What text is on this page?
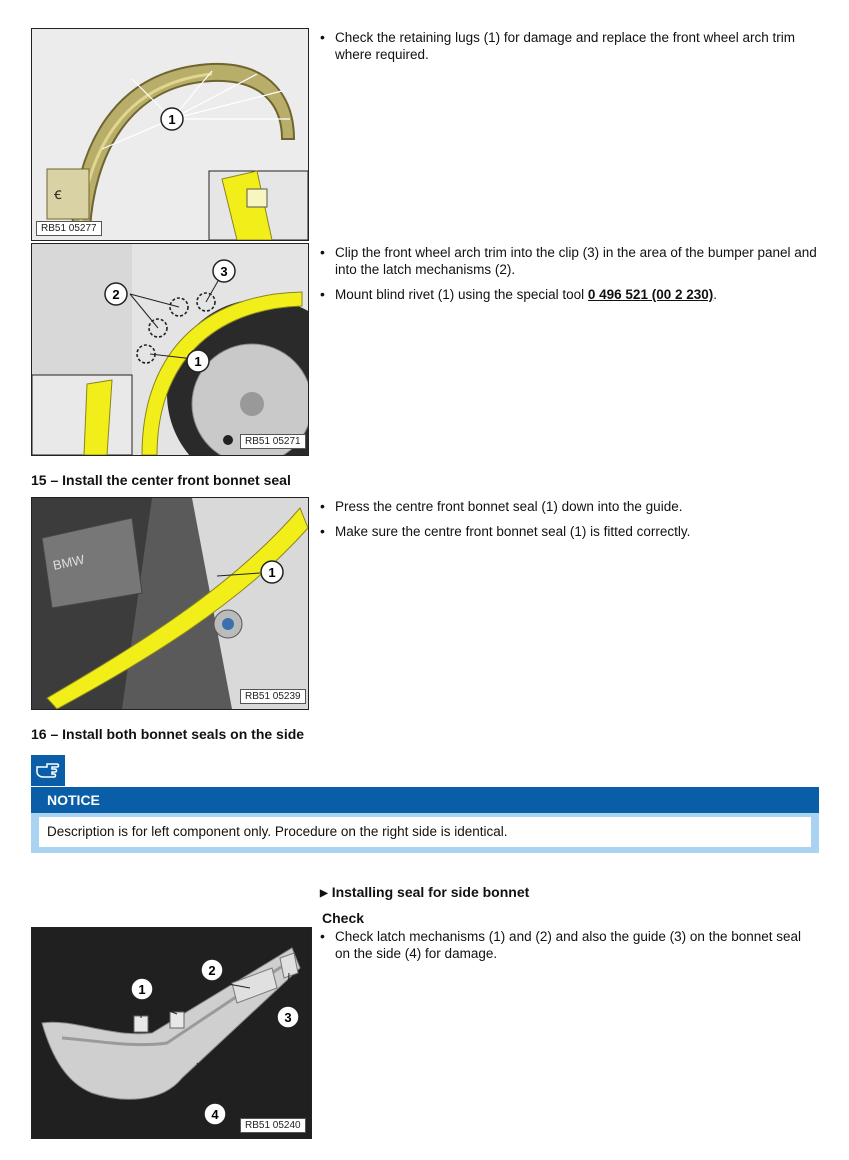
ꞓ
1
RB51 05277
• Check the retaining lugs (1) for damage and replace the front wheel arch trim where required.
2
3
1
RB51 05271
• Clip the front wheel arch trim into the clip (3) in the area of the bumper panel and into the latch mechanisms (2).
• Mount blind rivet (1) using the special tool 0 496 521 (00 2 230).
15 – Install the center front bonnet seal
BMW	1
RB51 05239
• Press the centre front bonnet seal (1) down into the guide.
• Make sure the centre front bonnet seal (1) is fitted correctly.
16 – Install both bonnet seals on the side
NOTICE
Description is for left component only. Procedure on the right side is identical.
▶ Installing seal for side bonnet
Check
• Check latch mechanisms (1) and (2) and also the guide (3) on the bonnet seal on the side (4) for damage.
1
2
3
4
RB51 05240
